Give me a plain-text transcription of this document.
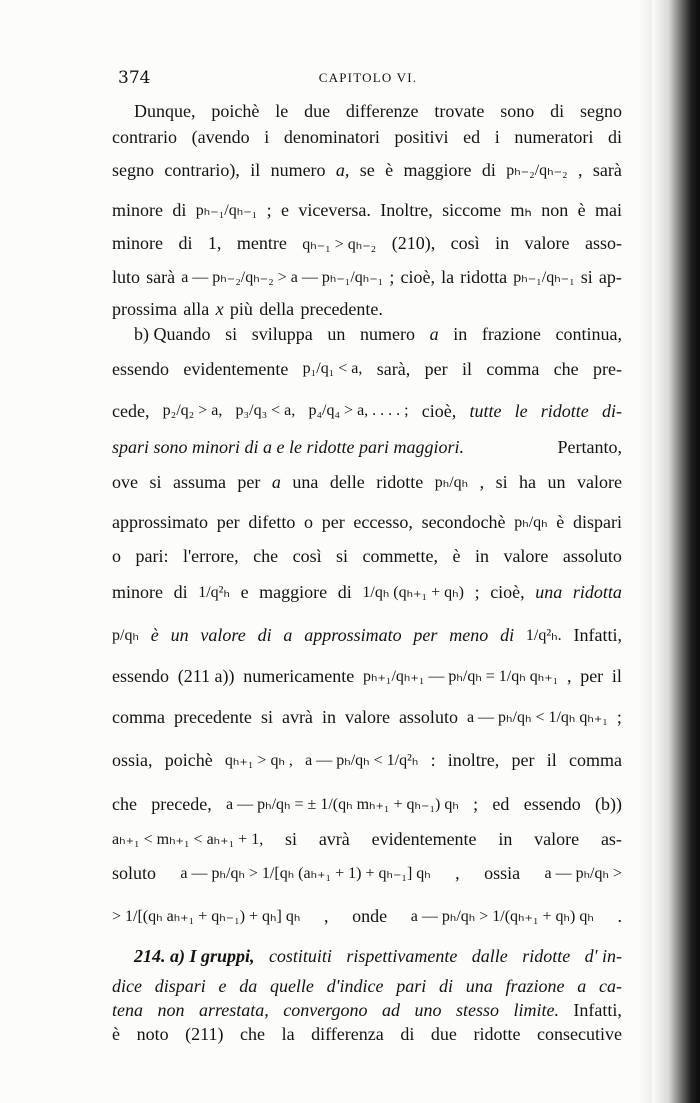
374	CAPITOLO VI.
Dunque, poichè le due differenze trovate sono di segno
contrario (avendo i denominatori positivi ed i numeratori di
segno contrario), il numero a, se è maggiore di pₕ₋₂/qₕ₋₂ , sarà
minore di pₕ₋₁/qₕ₋₁ ; e viceversa. Inoltre, siccome mₕ non è mai
minore di 1, mentre qₕ₋₁ > qₕ₋₂ (210), così in valore asso-
luto sarà a — pₕ₋₂/qₕ₋₂ > a — pₕ₋₁/qₕ₋₁ ; cioè, la ridotta pₕ₋₁/qₕ₋₁ si ap-
prossima alla x più della precedente.
b) Quando si sviluppa un numero a in frazione continua,
essendo evidentemente p₁/q₁ < a, sarà, per il comma che pre-
cede, p₂/q₂ > a, p₃/q₃ < a, p₄/q₄ > a, . . . . ; cioè, tutte le ridotte di-
spari sono minori di a e le ridotte pari maggiori.	Pertanto,
ove si assuma per a una delle ridotte pₕ/qₕ , si ha un valore
approssimato per difetto o per eccesso, secondochè pₕ/qₕ è dispari
o pari: l'errore, che così si commette, è in valore assoluto
minore di 1/q²ₕ e maggiore di 1/qₕ (qₕ₊₁ + qₕ) ; cioè, una ridotta
p/qₕ è un valore di a approssimato per meno di 1/q²ₕ. Infatti,
essendo (211 a)) numericamente pₕ₊₁/qₕ₊₁ — pₕ/qₕ = 1/qₕ qₕ₊₁ , per il
comma precedente si avrà in valore assoluto a — pₕ/qₕ < 1/qₕ qₕ₊₁ ;
ossia, poichè qₕ₊₁ > qₕ , a — pₕ/qₕ < 1/q²ₕ : inoltre, per il comma
che precede, a — pₕ/qₕ = ± 1/(qₕ mₕ₊₁ + qₕ₋₁) qₕ ; ed essendo (b))
aₕ₊₁ < mₕ₊₁ < aₕ₊₁ + 1, si avrà evidentemente in valore as-
soluto a — pₕ/qₕ > 1/[qₕ (aₕ₊₁ + 1) + qₕ₋₁] qₕ , ossia a — pₕ/qₕ >
> 1/[(qₕ aₕ₊₁ + qₕ₋₁) + qₕ] qₕ , onde a — pₕ/qₕ > 1/(qₕ₊₁ + qₕ) qₕ .
214. a) I gruppi, costituiti rispettivamente dalle ridotte d' in-
dice dispari e da quelle d'indice pari di una frazione a ca-
tena non arrestata, convergono ad uno stesso limite. Infatti,
è noto (211) che la differenza di due ridotte consecutive
